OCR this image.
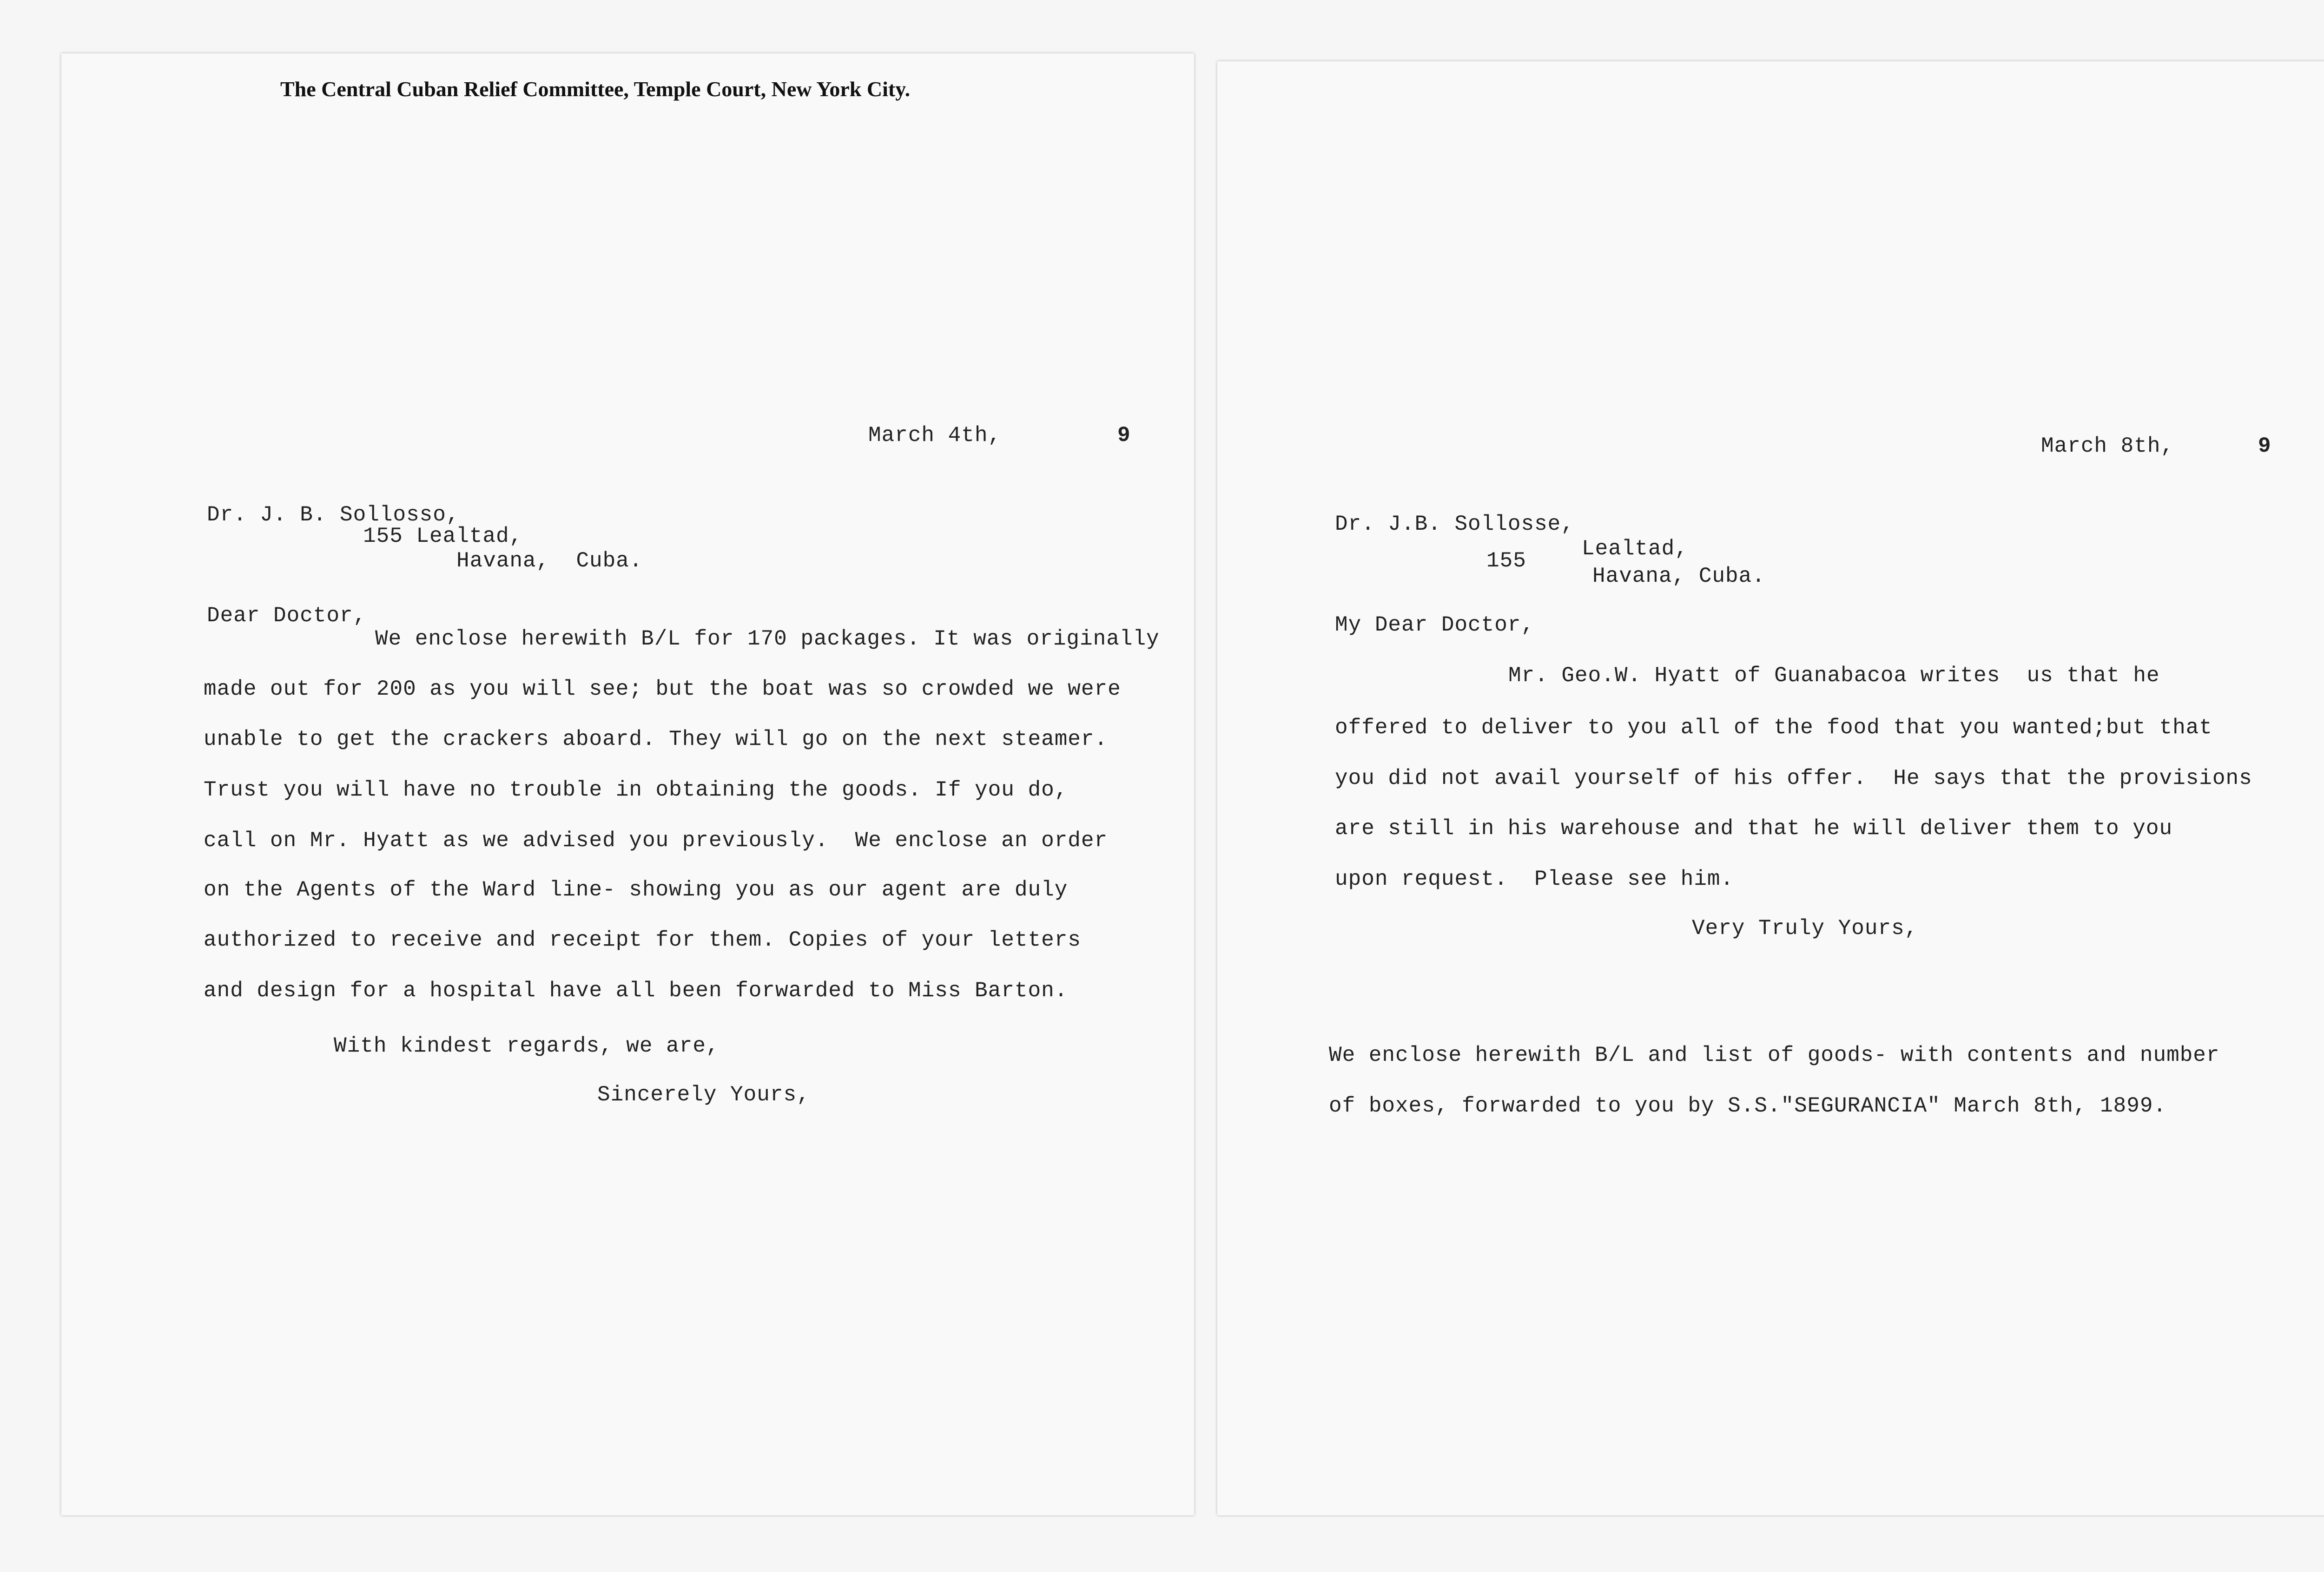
The Central Cuban Relief Committee, Temple Court, New York City.
March 4th,	9
Dr. J. B. Sollosso,
155 Lealtad,
Havana,  Cuba.
Dear Doctor,
We enclose herewith B/L for 170 packages. It was originally
made out for 200 as you will see; but the boat was so crowded we were
unable to get the crackers aboard. They will go on the next steamer.
Trust you will have no trouble in obtaining the goods. If you do,
call on Mr. Hyatt as we advised you previously.  We enclose an order
on the Agents of the Ward line- showing you as our agent are duly
authorized to receive and receipt for them. Copies of your letters
and design for a hospital have all been forwarded to Miss Barton.
With kindest regards, we are,
Sincerely Yours,
March 8th,	9
Dr. J.B. Sollosse,
155	Lealtad,
Havana, Cuba.
My Dear Doctor,
Mr. Geo.W. Hyatt of Guanabacoa writes  us that he
offered to deliver to you all of the food that you wanted;but that
you did not avail yourself of his offer.  He says that the provisions
are still in his warehouse and that he will deliver them to you
upon request.  Please see him.
Very Truly Yours,
We enclose herewith B/L and list of goods- with contents and number
of boxes, forwarded to you by S.S."SEGURANCIA" March 8th, 1899.
